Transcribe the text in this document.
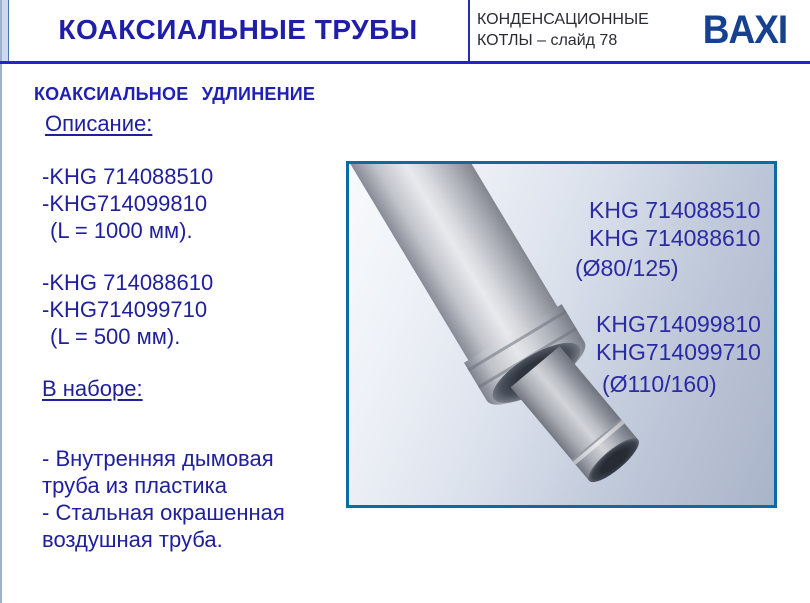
КОАКСИАЛЬНЫЕ ТРУБЫ	КОНДЕНСАЦИОННЫЕ
КОТЛЫ – слайд 78	BAXI
КОАКСИАЛЬНОЕ УДЛИНЕНИЕ
Описание:
-KHG 714088510
-KHG714099810
(L = 1000 мм).
-KHG 714088610
-KHG714099710
(L = 500 мм).
В наборе:
- Внутренняя дымовая
труба из пластика
- Стальная окрашенная
воздушная труба.
KHG 714088510
KHG 714088610
(Ø80/125)
KHG714099810
KHG714099710
(Ø110/160)
